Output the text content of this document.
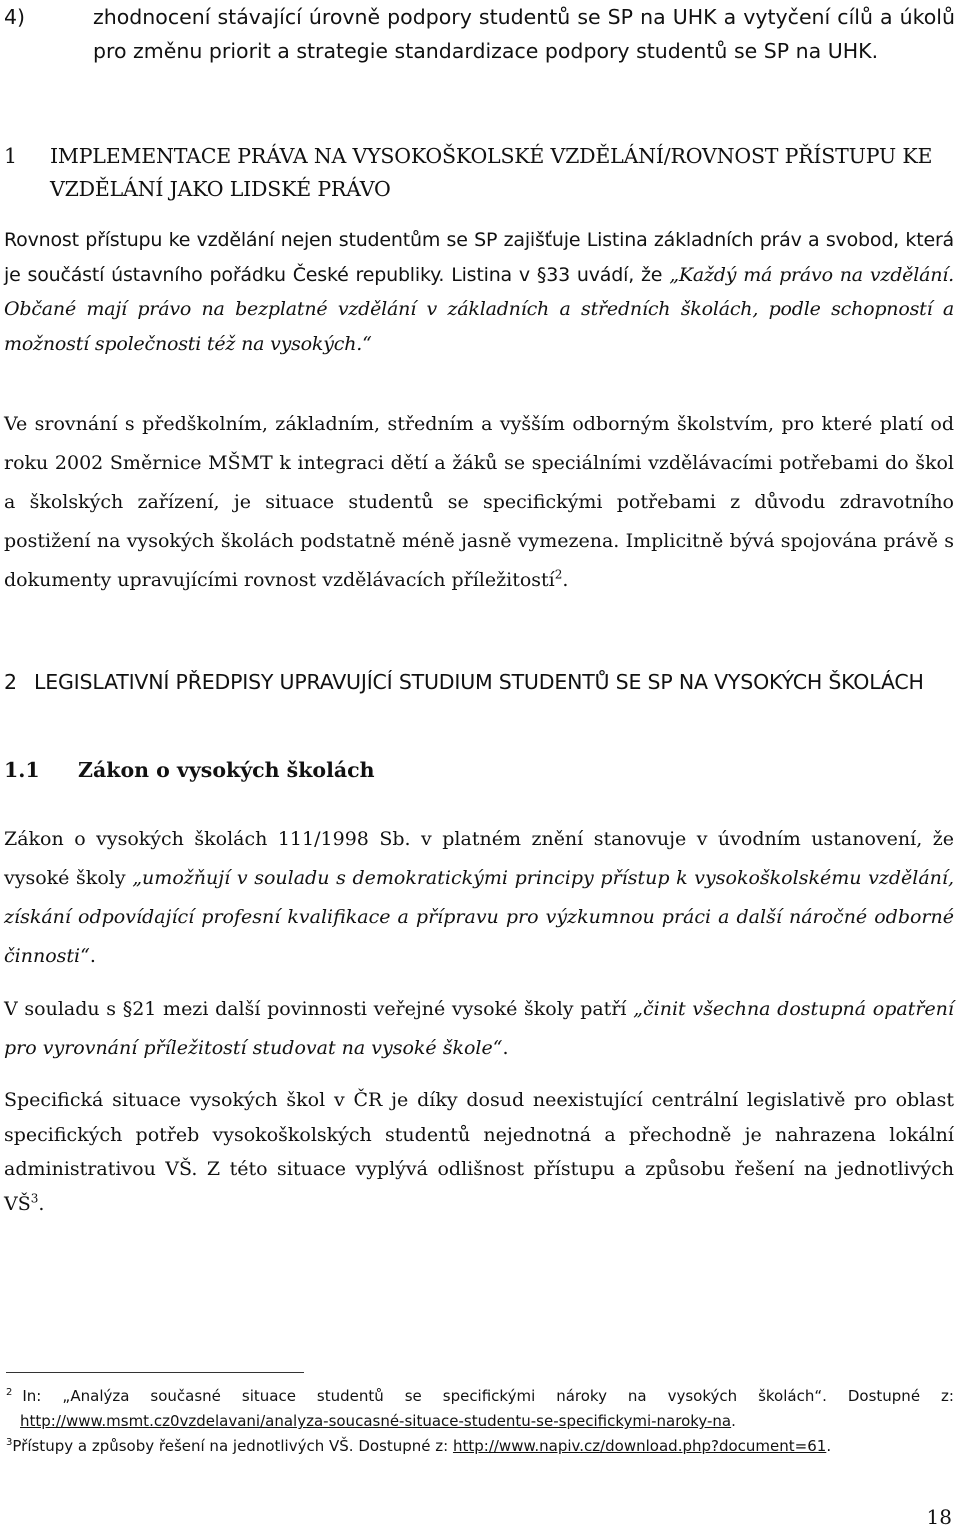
4)	zhodnocení stávající úrovně podpory studentů se SP na UHK a vytyčení cílů a úkolů pro změnu priorit a strategie standardizace podpory studentů se SP na UHK.
1 IMPLEMENTACE PRÁVA NA VYSOKOŠKOLSKÉ VZDĚLÁNÍ/ROVNOST PŘÍSTUPU KE VZDĚLÁNÍ JAKO LIDSKÉ PRÁVO

Rovnost přístupu ke vzdělání nejen studentům se SP zajišťuje Listina základních práv a svobod, která je součástí ústavního pořádku České republiky. Listina v §33 uvádí, že „Každý má právo na vzdělání. Občané mají právo na bezplatné vzdělání v základních a středních školách, podle schopností a možností společnosti též na vysokých.“

Ve srovnání s předškolním, základním, středním a vyšším odborným školstvím, pro které platí od roku 2002 Směrnice MŠMT k integraci dětí a žáků se speciálními vzdělávacími potřebami do škol a školských zařízení, je situace studentů se specifickými potřebami z důvodu zdravotního postižení na vysokých školách podstatně méně jasně vymezena. Implicitně bývá spojována právě s dokumenty upravujícími rovnost vzdělávacích příležitostí$^2$.

2 LEGISLATIVNÍ PŘEDPISY UPRAVUJÍCÍ STUDIUM STUDENTŮ SE SP NA VYSOKÝCH ŠKOLÁCH
1.1 Zákon o vysokých školách

Zákon o vysokých školách 111/1998 Sb. v platném znění stanovuje v úvodním ustanovení, že vysoké školy „umožňují v souladu s demokratickými principy přístup k vysokoškolskému vzdělání, získání odpovídající profesní kvalifikace a přípravu pro výzkumnou práci a další náročné odborné činnosti“.

V souladu s §21 mezi další povinnosti veřejné vysoké školy patří „činit všechna dostupná opatření pro vyrovnání příležitostí studovat na vysoké škole“.

Specifická situace vysokých škol v ČR je díky dosud neexistující centrální legislativě pro oblast specifických potřeb vysokoškolských studentů nejednotná a přechodně je nahrazena lokální administrativou VŠ. Z této situace vyplývá odlišnost přístupu a způsobu řešení na jednotlivých $VŠ^3$.

$^2$ In: „Analýza současné situace studentů se specifickými nároky na vysokých školách“. Dostupné z:
http://www.msmt.cz0vzdelavani/analyza-soucasné-situace-studentu-se-specifickymi-naroky-na.
$^3$Přístupy a způsoby řešení na jednotlivých VŠ. Dostupné z: http://www.napiv.cz/download.php?document=61.
18
